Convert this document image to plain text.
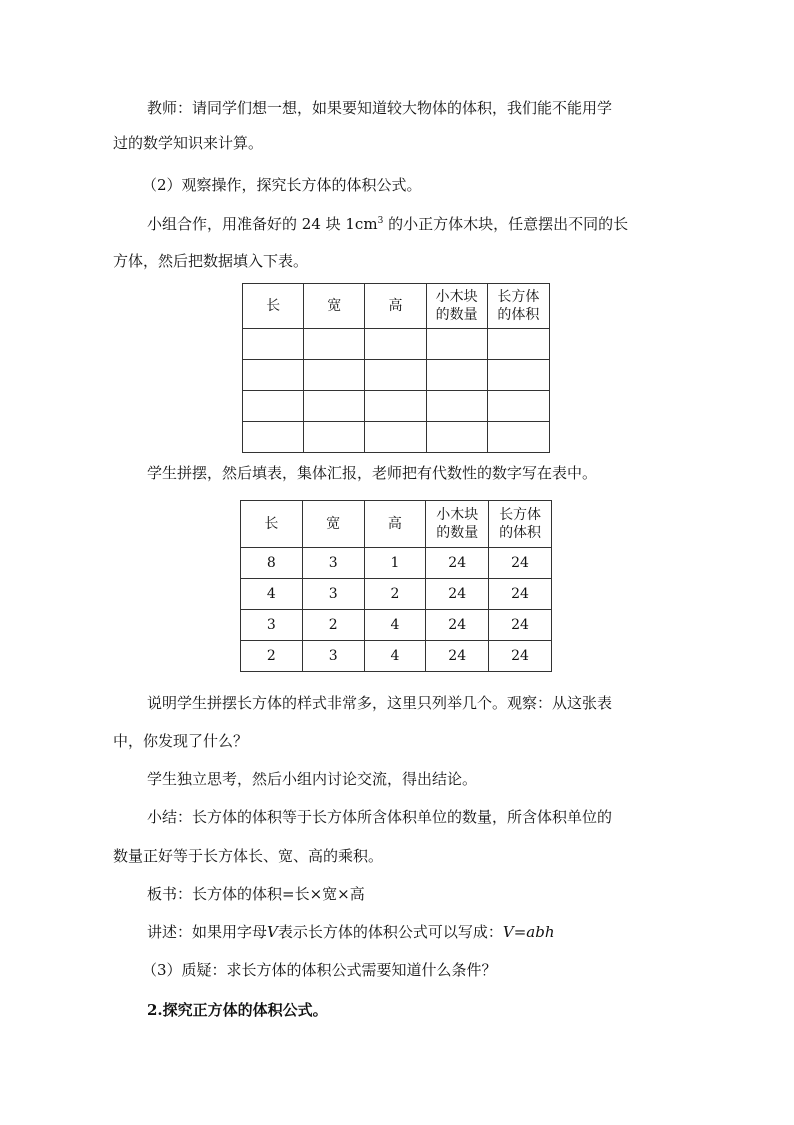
教师：请同学们想一想，如果要知道较大物体的体积，我们能不能用学
过的数学知识来计算。
（2）观察操作，探究长方体的体积公式。
小组合作，用准备好的 24 块 $1cm^3$ 的小正方体木块，任意摆出不同的长
方体，然后把数据填入下表。
长	宽	高	小木块的数量	长方体的体积

学生拼摆，然后填表，集体汇报，老师把有代数性的数字写在表中。
长	宽	高	小木块的数量	长方体的体积
8	3	1	24	24
4	3	2	24	24
3	2	4	24	24
2	3	4	24	24
说明学生拼摆长方体的样式非常多，这里只列举几个。观察：从这张表
中，你发现了什么？
学生独立思考，然后小组内讨论交流，得出结论。
小结：长方体的体积等于长方体所含体积单位的数量，所含体积单位的
数量正好等于长方体长、宽、高的乘积。
板书：长方体的体积=长×宽×高
讲述：如果用字母V表示长方体的体积公式可以写成：V=abh
（3）质疑：求长方体的体积公式需要知道什么条件？
2.探究正方体的体积公式。
